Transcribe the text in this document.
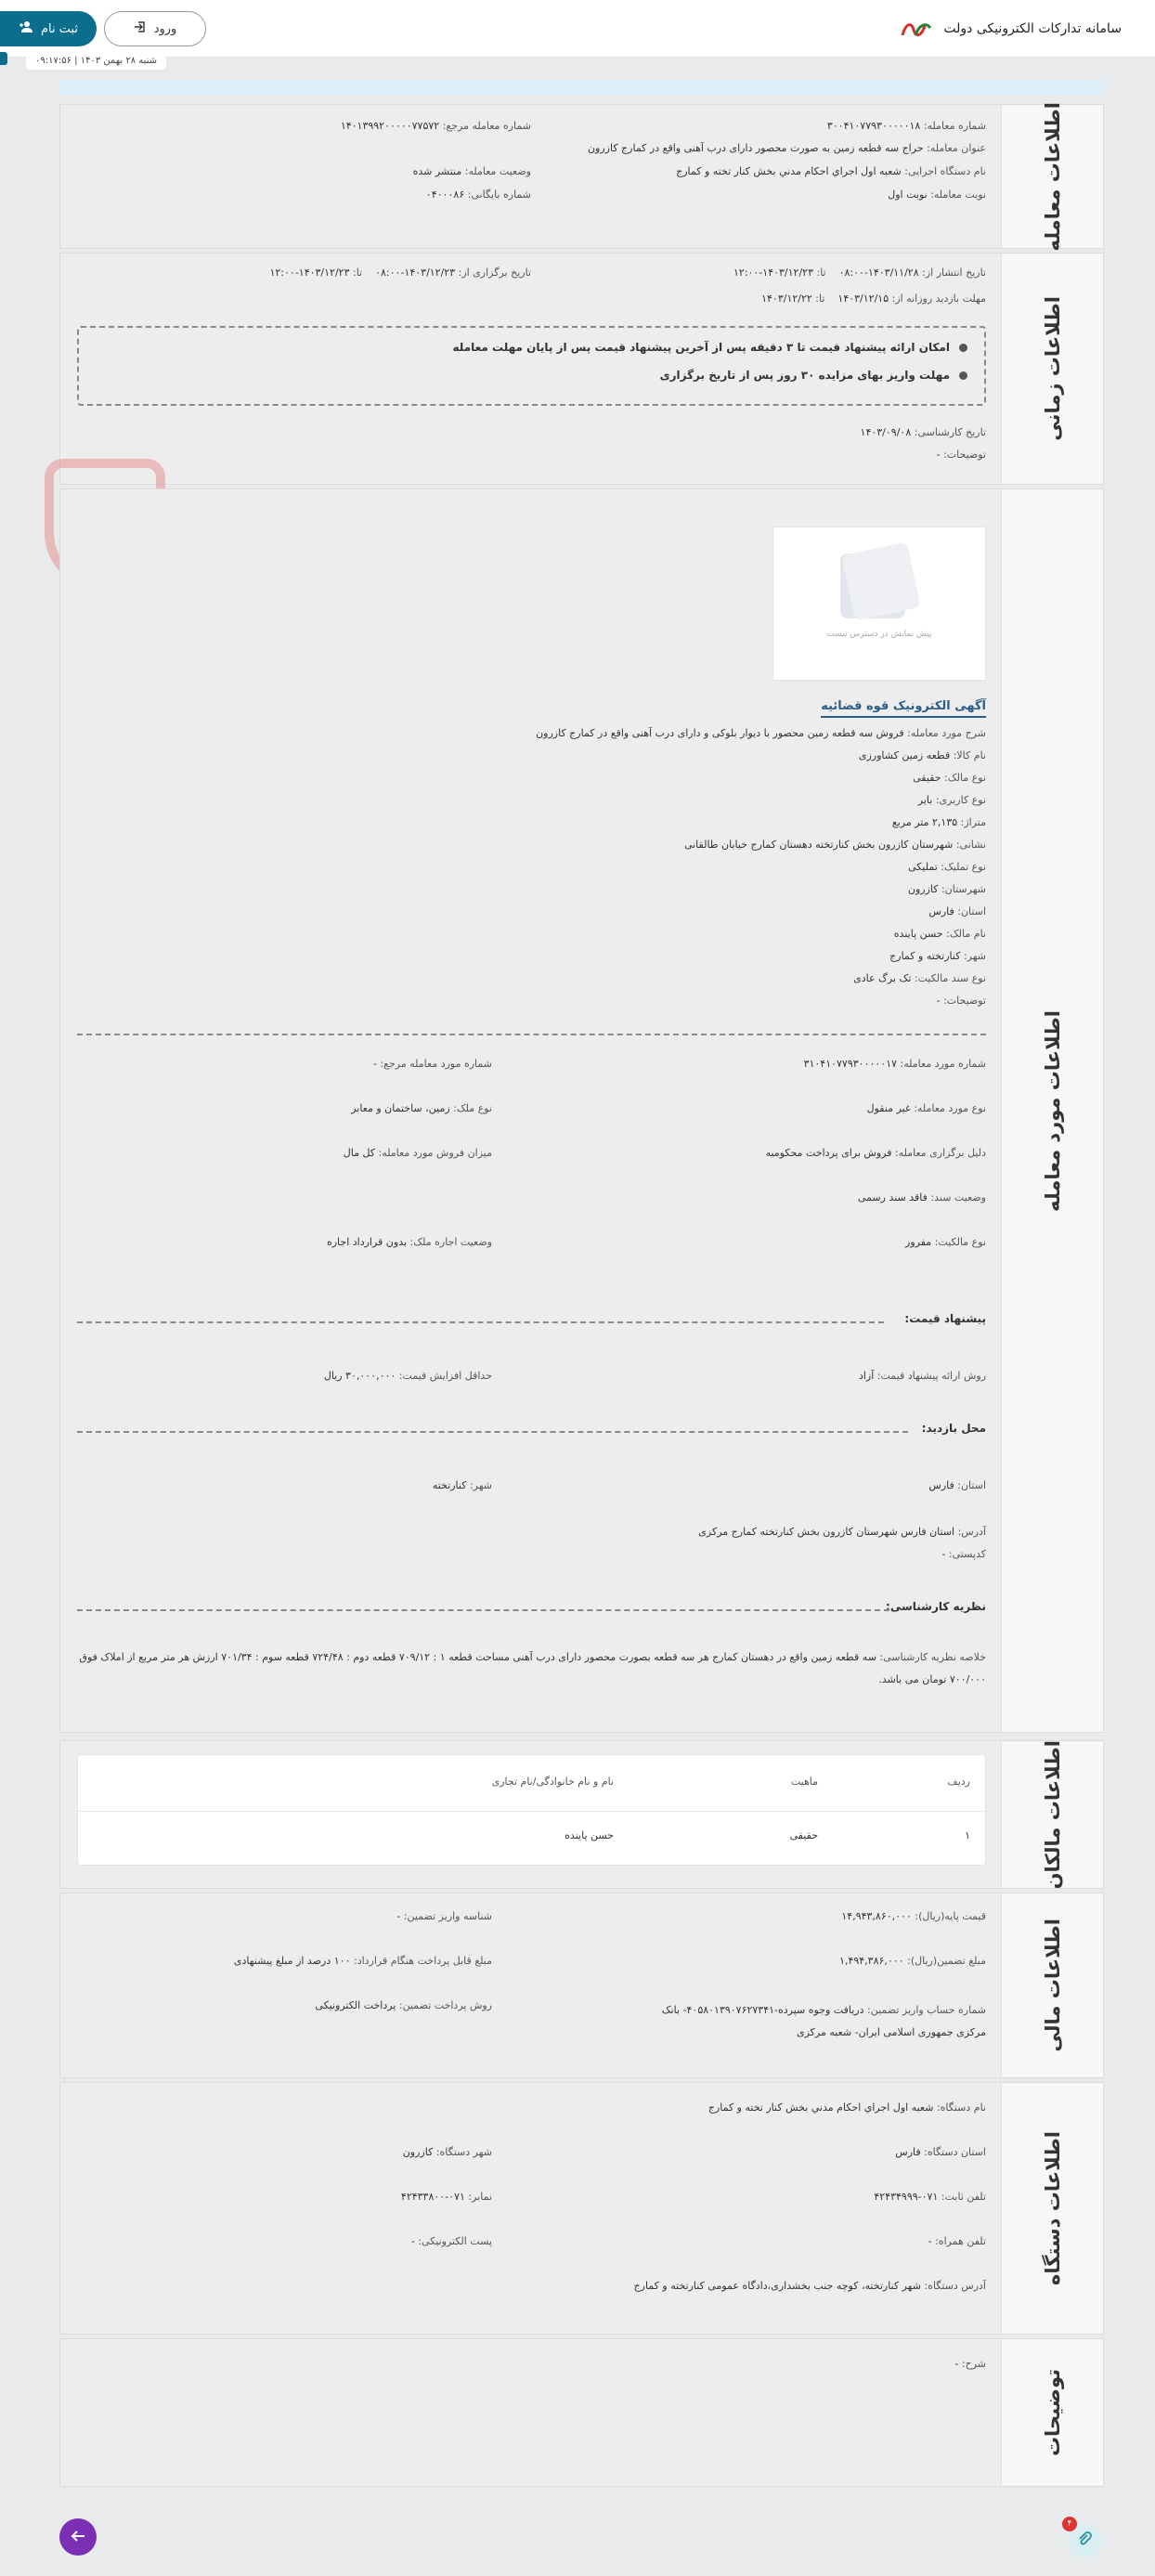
سامانه تدارکات الکترونیکی دولت
ورود
ثبت نام
شنبه ۲۸ بهمن ۱۴۰۳ | ۰۹:۱۷:۵۶
اطلاعات معامله
شماره معامله: ۳۰۰۴۱۰۷۷۹۳۰۰۰۰۰۱۸
شماره معامله مرجع: ۱۴۰۱۳۹۹۲۰۰۰۰۰۷۷۵۷۲
عنوان معامله: حراج سه قطعه زمین به صورت محصور دارای درب آهنی واقع در کمارج کازرون
نام دستگاه اجرایی: شعبه اول اجراي احكام مدني بخش كنار تخته و كمارج
وضعیت معامله: منتشر شده
نوبت معامله: نوبت اول
شماره بایگانی: ۰۴۰۰۰۸۶
اطلاعات زمانی
تاریخ انتشار از: ۱۴۰۳/۱۱/۲۸-۰۸:۰۰    تا: ۱۴۰۳/۱۲/۲۳-۱۲:۰۰
تاریخ برگزاری از: ۱۴۰۳/۱۲/۲۳-۰۸:۰۰    تا: ۱۴۰۳/۱۲/۲۳-۱۲:۰۰
مهلت بازدید روزانه از: ۱۴۰۳/۱۲/۱۵    تا: ۱۴۰۳/۱۲/۲۲
امکان ارائه پیشنهاد قیمت تا ۳ دقیقه پس از آخرین پیشنهاد قیمت پس از پایان مهلت معامله
مهلت واریز بهای مزایده ۳۰ روز پس از تاریخ برگزاری
تاریخ کارشناسی: ۱۴۰۳/۰۹/۰۸
توضیحات: -
اطلاعات مورد معامله
پیش نمایش در دسترس نیست
آگهی الکترونیک قوه قضائیه
شرح مورد معامله: فروش سه قطعه زمین محصور با دیوار بلوکی و دارای درب آهنی واقع در کمارج کازرون
نام کالا: قطعه زمین کشاورزی
نوع مالک: حقیقی
نوع کاربری: بایر
متراژ: ۲,۱۳۵ متر مربع
نشانی: شهرستان کازرون بخش کنارتخته دهستان کمارج خیابان طالقانی
نوع تملیک: تملیکی
شهرستان: کازرون
استان: فارس
نام مالک: حسن پاینده
شهر: کنارتخته و کمارج
نوع سند مالکیت: تک برگ عادی
توضیحات: -
شماره مورد معامله: ۳۱۰۴۱۰۷۷۹۳۰۰۰۰۰۱۷
شماره مورد معامله مرجع: -
نوع مورد معامله: غیر منقول
نوع ملک: زمین، ساختمان و معابر
دلیل برگزاری معامله: فروش برای پرداخت محکومبه
میزان فروش مورد معامله: کل مال
وضعیت سند: فاقد سند رسمی
نوع مالکیت: مفروز
وضعیت اجاره ملک: بدون قرارداد اجاره
پیشنهاد قیمت:
روش ارائه پیشنهاد قیمت: آزاد
حداقل افزایش قیمت: ۳۰,۰۰۰,۰۰۰ ریال
محل بازدید:
استان: فارس
شهر: کنارتخته
آدرس: استان فارس شهرستان کازرون بخش کنارتخته کمارج مرکزی
کدپستی: -
نظریه کارشناسی:
خلاصه نظریه کارشناسی: سه قطعه زمین واقع در دهستان کمارج هر سه قطعه بصورت محصور دارای درب آهنی مساحت قطعه ۱ : ۷۰۹/۱۲ قطعه دوم : ۷۲۴/۴۸ قطعه سوم : ۷۰۱/۳۴ ارزش هر متر مربع از املاک فوق ۷۰۰/۰۰۰ تومان می باشد.
اطلاعات مالکان
ردیف
ماهیت
نام و نام خانوادگی/نام تجاری
۱
حقیقی
حسن پاینده
اطلاعات مالی
قیمت پایه(ریال): ۱۴,۹۴۳,۸۶۰,۰۰۰
شناسه واریز تضمین: -
مبلغ تضمین(ریال): ۱,۴۹۴,۳۸۶,۰۰۰
مبلغ قابل پرداخت هنگام قرارداد: ۱۰۰ درصد از مبلغ پیشنهادی
شماره حساب واریز تضمین: دریافت وجوه سپرده-۴۰۵۸۰۱۳۹۰۷۶۲۷۳۴۱- بانک مرکزی جمهوری اسلامی ایران- شعبه مرکزی
روش پرداخت تضمین: پرداخت الکترونیکی
اطلاعات دستگاه
نام دستگاه: شعبه اول اجراي احكام مدني بخش كنار تخته و كمارج
استان دستگاه: فارس
شهر دستگاه: کازرون
تلفن ثابت: ۰۷۱-۴۲۴۳۴۹۹۹
نمابر: ۰۷۱-۴۲۴۳۳۸۰۰
تلفن همراه: -
پست الکترونیکی: -
آدرس دستگاه: شهر کنارتخته، کوچه جنب بخشداری،دادگاه عمومی کنارتخته و کمارج
توضیحات
شرح: -
۴
